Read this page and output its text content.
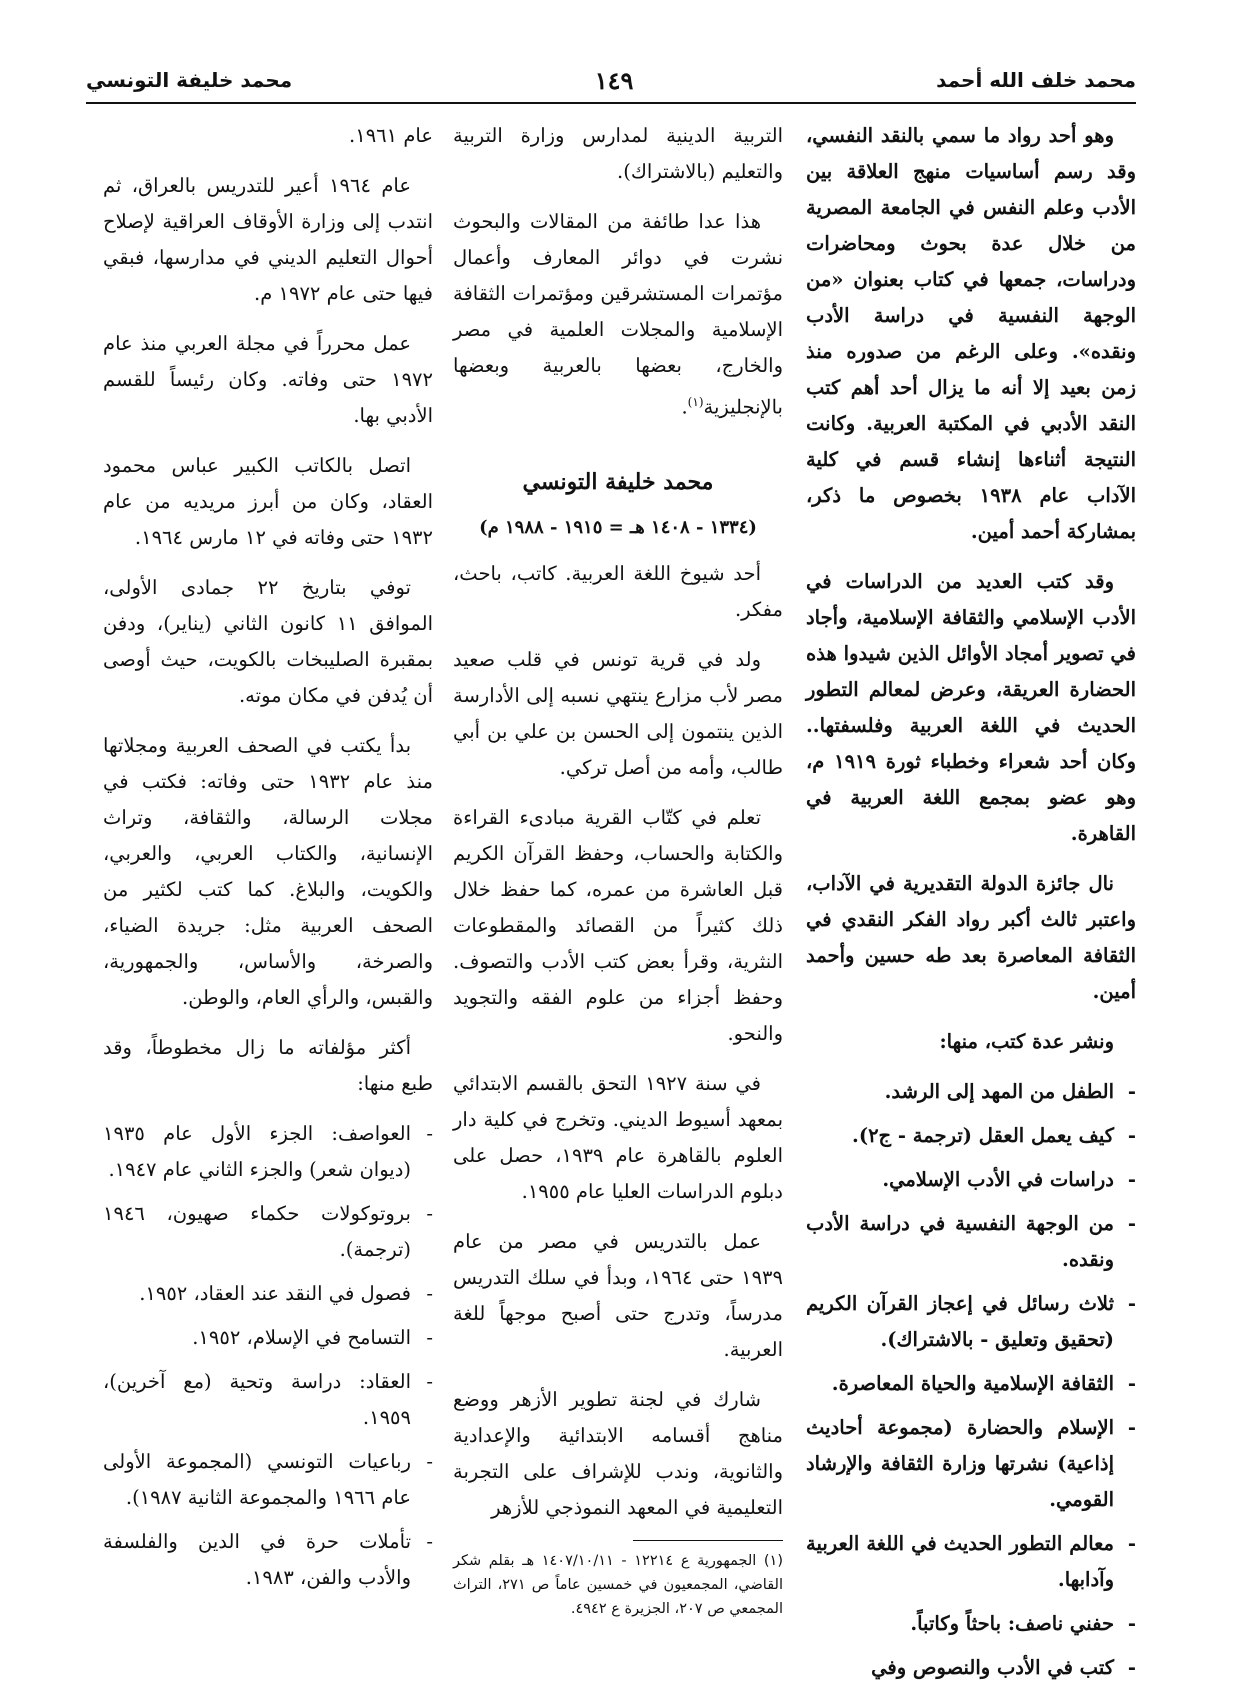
محمد خلف الله أحمد
١٤٩
محمد خليفة التونسي

وهو أحد رواد ما سمي بالنقد النفسي، وقد رسم أساسيات منهج العلاقة بين الأدب وعلم النفس في الجامعة المصرية من خلال عدة بحوث ومحاضرات ودراسات، جمعها في كتاب بعنوان «من الوجهة النفسية في دراسة الأدب ونقده». وعلى الرغم من صدوره منذ زمن بعيد إلا أنه ما يزال أحد أهم كتب النقد الأدبي في المكتبة العربية. وكانت النتيجة أثناءها إنشاء قسم في كلية الآداب عام ١٩٣٨ بخصوص ما ذكر، بمشاركة أحمد أمين.

وقد كتب العديد من الدراسات في الأدب الإسلامي والثقافة الإسلامية، وأجاد في تصوير أمجاد الأوائل الذين شيدوا هذه الحضارة العريقة، وعرض لمعالم التطور الحديث في اللغة العربية وفلسفتها.. وكان أحد شعراء وخطباء ثورة ١٩١٩ م، وهو عضو بمجمع اللغة العربية في القاهرة.

نال جائزة الدولة التقديرية في الآداب، واعتبر ثالث أكبر رواد الفكر النقدي في الثقافة المعاصرة بعد طه حسين وأحمد أمين.

ونشر عدة كتب، منها:

- الطفل من المهد إلى الرشد.
- كيف يعمل العقل (ترجمة - ج٢).
- دراسات في الأدب الإسلامي.
- من الوجهة النفسية في دراسة الأدب ونقده.
- ثلاث رسائل في إعجاز القرآن الكريم (تحقيق وتعليق - بالاشتراك).
- الثقافة الإسلامية والحياة المعاصرة.
- الإسلام والحضارة (مجموعة أحاديث إذاعية) نشرتها وزارة الثقافة والإرشاد القومي.
- معالم التطور الحديث في اللغة العربية وآدابها.
- حفني ناصف: باحثاً وكاتباً.
- كتب في الأدب والنصوص وفي

التربية الدينية لمدارس وزارة التربية والتعليم (بالاشتراك).

هذا عدا طائفة من المقالات والبحوث نشرت في دوائر المعارف وأعمال مؤتمرات المستشرقين ومؤتمرات الثقافة الإسلامية والمجلات العلمية في مصر والخارج، بعضها بالعربية وبعضها بالإنجليزية$^{(١)}$.

محمد خليفة التونسي
(١٣٣٤ - ١٤٠٨ هـ = ١٩١٥ - ١٩٨٨ م)

أحد شيوخ اللغة العربية. كاتب، باحث، مفكر.

ولد في قرية تونس في قلب صعيد مصر لأب مزارع ينتهي نسبه إلى الأدارسة الذين ينتمون إلى الحسن بن علي بن أبي طالب، وأمه من أصل تركي.

تعلم في كتّاب القرية مبادىء القراءة والكتابة والحساب، وحفظ القرآن الكريم قبل العاشرة من عمره، كما حفظ خلال ذلك كثيراً من القصائد والمقطوعات النثرية، وقرأ بعض كتب الأدب والتصوف. وحفظ أجزاء من علوم الفقه والتجويد والنحو.

في سنة ١٩٢٧ التحق بالقسم الابتدائي بمعهد أسيوط الديني. وتخرج في كلية دار العلوم بالقاهرة عام ١٩٣٩، حصل على دبلوم الدراسات العليا عام ١٩٥٥.

عمل بالتدريس في مصر من عام ١٩٣٩ حتى ١٩٦٤، وبدأ في سلك التدريس مدرساً، وتدرج حتى أصبح موجهاً للغة العربية.

شارك في لجنة تطوير الأزهر ووضع مناهج أقسامه الابتدائية والإعدادية والثانوية، وندب للإشراف على التجربة التعليمية في المعهد النموذجي للأزهر

(١) الجمهورية ع ١٢٢١٤ - ١٤٠٧/١٠/١١ هـ بقلم شكر القاضي، المجمعيون في خمسين عاماً ص ٢٧١، التراث المجمعي ص ٢٠٧، الجزيرة ع ٤٩٤٢.

عام ١٩٦١.

عام ١٩٦٤ أعير للتدريس بالعراق، ثم انتدب إلى وزارة الأوقاف العراقية لإصلاح أحوال التعليم الديني في مدارسها، فبقي فيها حتى عام ١٩٧٢ م.

عمل محرراً في مجلة العربي منذ عام ١٩٧٢ حتى وفاته. وكان رئيساً للقسم الأدبي بها.

اتصل بالكاتب الكبير عباس محمود العقاد، وكان من أبرز مريديه من عام ١٩٣٢ حتى وفاته في ١٢ مارس ١٩٦٤.

توفي بتاريخ ٢٢ جمادى الأولى، الموافق ١١ كانون الثاني (يناير)، ودفن بمقبرة الصليبخات بالكويت، حيث أوصى أن يُدفن في مكان موته.

بدأ يكتب في الصحف العربية ومجلاتها منذ عام ١٩٣٢ حتى وفاته: فكتب في مجلات الرسالة، والثقافة، وتراث الإنسانية، والكتاب العربي، والعربي، والكويت، والبلاغ. كما كتب لكثير من الصحف العربية مثل: جريدة الضياء، والصرخة، والأساس، والجمهورية، والقبس، والرأي العام، والوطن.

أكثر مؤلفاته ما زال مخطوطاً، وقد طبع منها:

- العواصف: الجزء الأول عام ١٩٣٥ (ديوان شعر) والجزء الثاني عام ١٩٤٧.
- بروتوكولات حكماء صهيون، ١٩٤٦ (ترجمة).
- فصول في النقد عند العقاد، ١٩٥٢.
- التسامح في الإسلام، ١٩٥٢.
- العقاد: دراسة وتحية (مع آخرين)، ١٩٥٩.
- رباعيات التونسي (المجموعة الأولى عام ١٩٦٦ والمجموعة الثانية ١٩٨٧).
- تأملات حرة في الدين والفلسفة والأدب والفن، ١٩٨٣.
